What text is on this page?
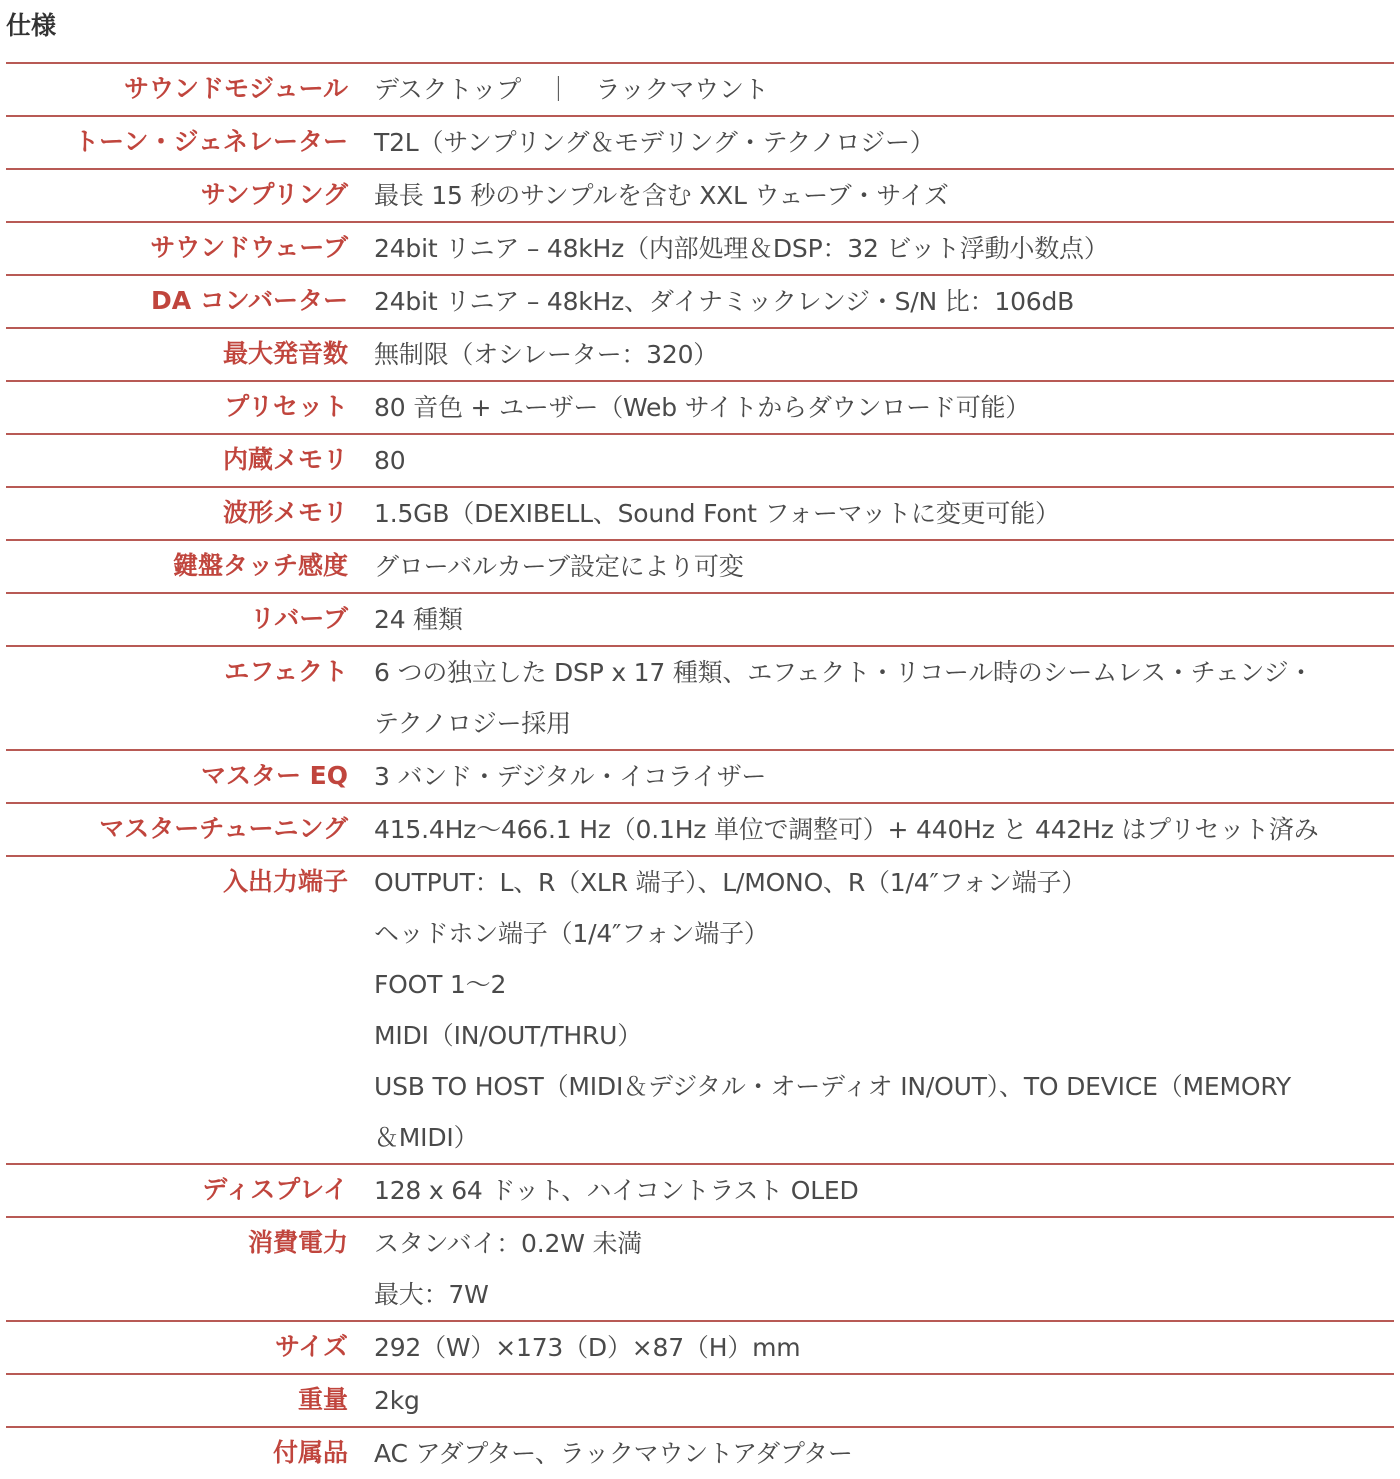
仕様
サウンドモジュール デスクトップ　｜　ラックマウント
トーン・ジェネレーター T2L（サンプリング＆モデリング・テクノロジー）
サンプリング 最長 15 秒のサンプルを含む XXL ウェーブ・サイズ
サウンドウェーブ 24bit リニア – 48kHz（内部処理＆DSP：32 ビット浮動小数点）
DA コンバーター 24bit リニア – 48kHz、ダイナミックレンジ・S/N 比：106dB
最大発音数 無制限（オシレーター：320）
プリセット 80 音色 + ユーザー（Web サイトからダウンロード可能）
内蔵メモリ 80
波形メモリ 1.5GB（DEXIBELL、Sound Font フォーマットに変更可能）
鍵盤タッチ感度 グローバルカーブ設定により可変
リバーブ 24 種類
エフェクト 6 つの独立した DSP x 17 種類、エフェクト・リコール時のシームレス・チェンジ・
テクノロジー採用
マスター EQ 3 バンド・デジタル・イコライザー
マスターチューニング 415.4Hz～466.1 Hz（0.1Hz 単位で調整可）+ 440Hz と 442Hz はプリセット済み
入出力端子 OUTPUT：L、R（XLR 端子）、L/MONO、R（1/4″フォン端子）
ヘッドホン端子（1/4″フォン端子）
FOOT 1～2
MIDI（IN/OUT/THRU）
USB TO HOST（MIDI＆デジタル・オーディオ IN/OUT）、TO DEVICE（MEMORY
＆MIDI）
ディスプレイ 128 x 64 ドット、ハイコントラスト OLED
消費電力 スタンバイ：0.2W 未満
最大：7W
サイズ 292（W）×173（D）×87（H）mm
重量 2kg
付属品 AC アダプター、ラックマウントアダプター
